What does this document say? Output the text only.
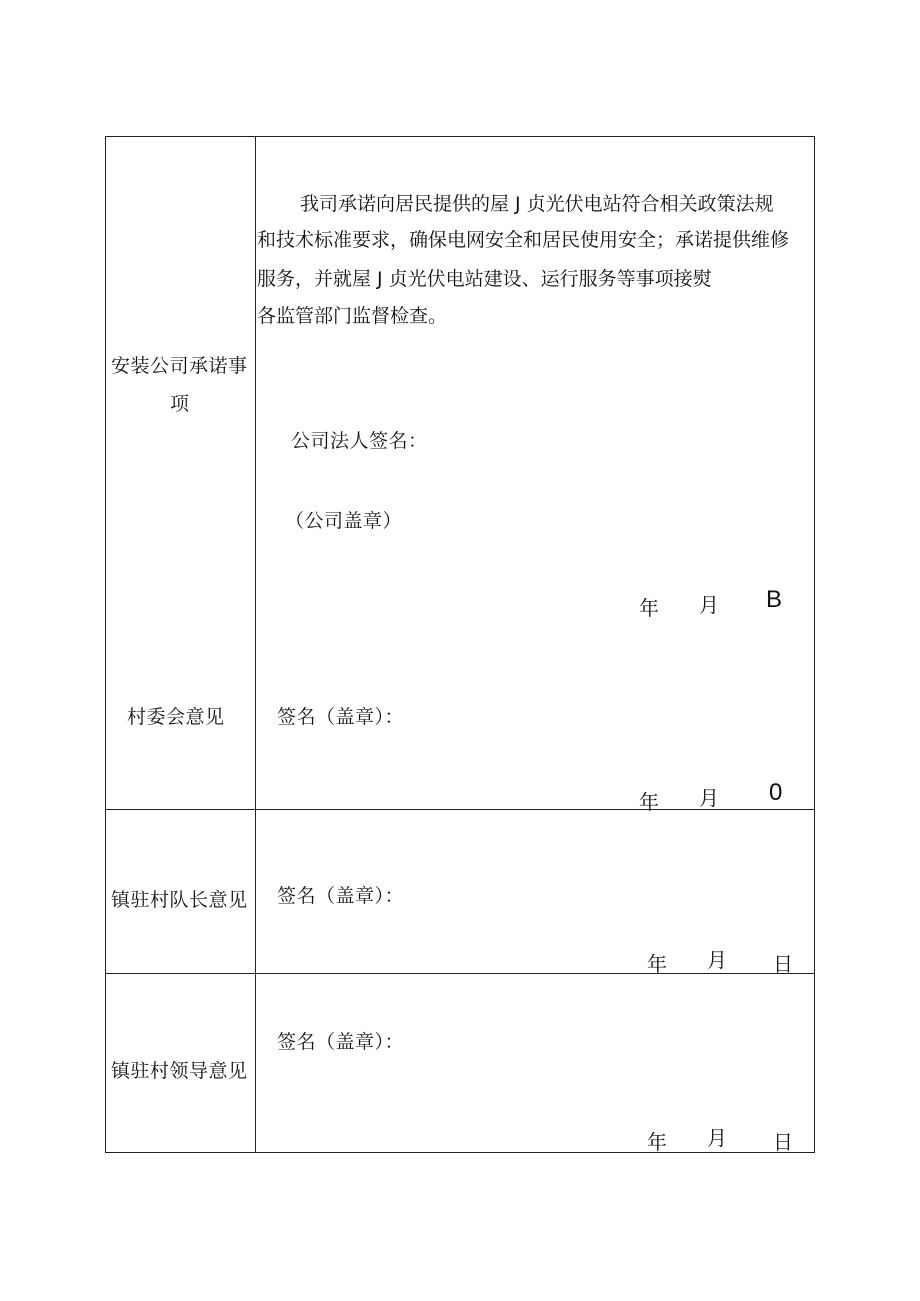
安装公司承诺事
项
我司承诺向居民提供的屋 J 贞光伏电站符合相关政策法规
和技术标准要求，确保电网安全和居民使用安全；承诺提供维修
服务，并就屋 J 贞光伏电站建设、运行服务等事项接熨
各监管部门监督检查。
公司法人签名：
（公司盖章）
年 月 B
村委会意见	签名（盖章）：
年 月 0
镇驻村队长意见 签名（盖章）：
年 月 日
镇驻村领导意见
签名（盖章）：
年 月 日
